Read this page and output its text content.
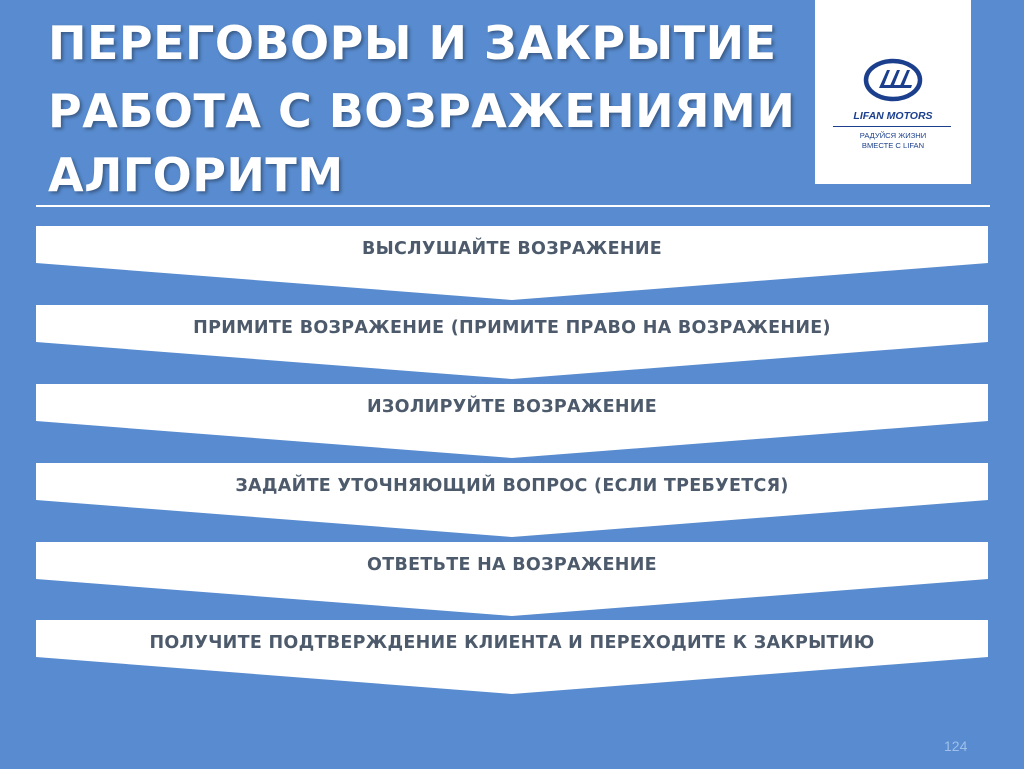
ПЕРЕГОВОРЫ И ЗАКРЫТИЕ
РАБОТА С ВОЗРАЖЕНИЯМИ
АЛГОРИТМ
LIFAN MOTORS
РАДУЙСЯ ЖИЗНИ
ВМЕСТЕ С LIFAN
ВЫСЛУШАЙТЕ ВОЗРАЖЕНИЕ
ПРИМИТЕ ВОЗРАЖЕНИЕ (ПРИМИТЕ ПРАВО НА ВОЗРАЖЕНИЕ)
ИЗОЛИРУЙТЕ ВОЗРАЖЕНИЕ
ЗАДАЙТЕ УТОЧНЯЮЩИЙ ВОПРОС (ЕСЛИ ТРЕБУЕТСЯ)
ОТВЕТЬТЕ НА ВОЗРАЖЕНИЕ
ПОЛУЧИТЕ ПОДТВЕРЖДЕНИЕ КЛИЕНТА И ПЕРЕХОДИТЕ К ЗАКРЫТИЮ
124
